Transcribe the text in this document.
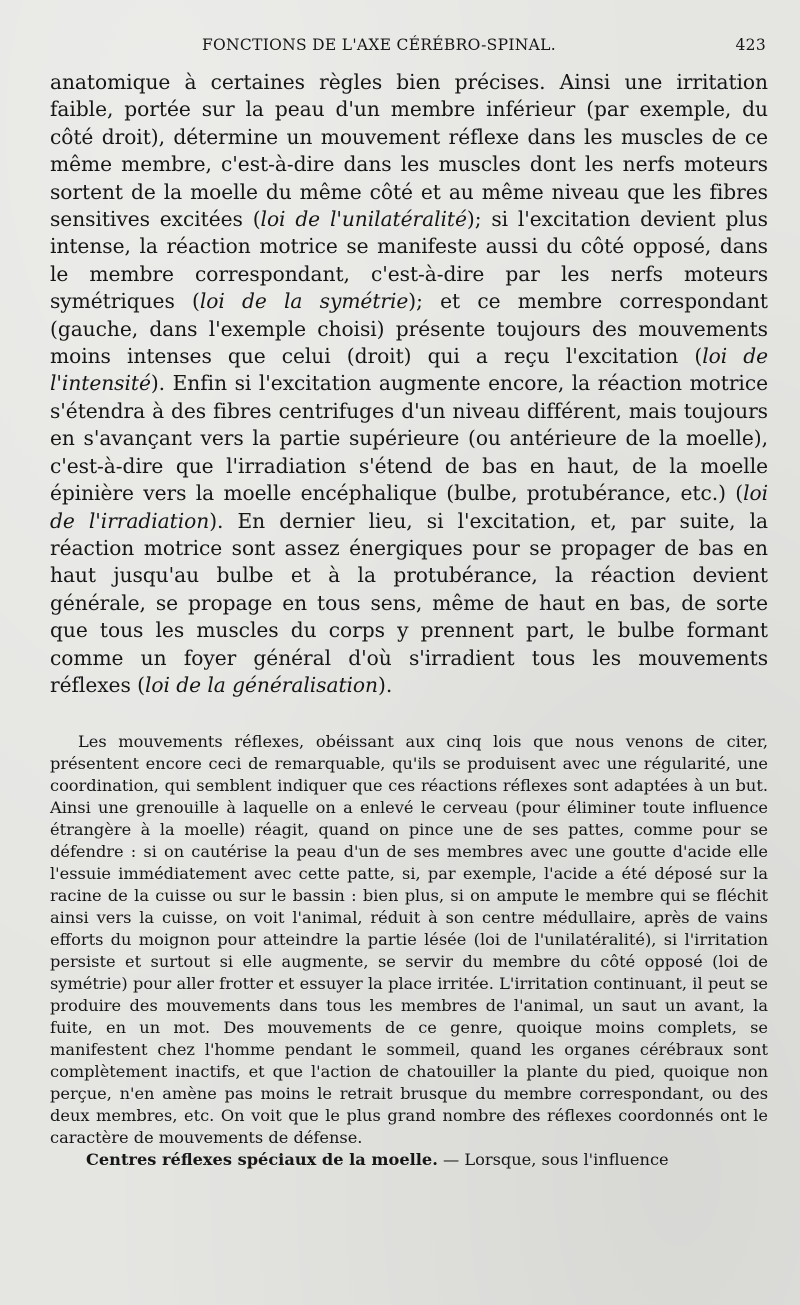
FONCTIONS DE L'AXE CÉRÉBRO-SPINAL.	423

anatomique à certaines règles bien précises. Ainsi une irritation faible, portée sur la peau d'un membre inférieur (par exemple, du côté droit), détermine un mouvement réflexe dans les muscles de ce même membre, c'est-à-dire dans les muscles dont les nerfs moteurs sortent de la moelle du même côté et au même niveau que les fibres sensitives excitées (loi de l'unilatéralité); si l'excitation devient plus intense, la réaction motrice se manifeste aussi du côté opposé, dans le membre correspondant, c'est-à-dire par les nerfs moteurs symétriques (loi de la symétrie); et ce membre correspondant (gauche, dans l'exemple choisi) présente toujours des mouvements moins intenses que celui (droit) qui a reçu l'excitation (loi de l'intensité). Enfin si l'excitation augmente encore, la réaction motrice s'étendra à des fibres centrifuges d'un niveau différent, mais toujours en s'avançant vers la partie supérieure (ou antérieure de la moelle), c'est-à-dire que l'irradiation s'étend de bas en haut, de la moelle épinière vers la moelle encéphalique (bulbe, protubérance, etc.) (loi de l'irradiation). En dernier lieu, si l'excitation, et, par suite, la réaction motrice sont assez énergiques pour se propager de bas en haut jusqu'au bulbe et à la protubérance, la réaction devient générale, se propage en tous sens, même de haut en bas, de sorte que tous les muscles du corps y prennent part, le bulbe formant comme un foyer général d'où s'irradient tous les mouvements réflexes (loi de la généralisation).

Les mouvements réflexes, obéissant aux cinq lois que nous venons de citer, présentent encore ceci de remarquable, qu'ils se produisent avec une régularité, une coordination, qui semblent indiquer que ces réactions réflexes sont adaptées à un but. Ainsi une grenouille à laquelle on a enlevé le cerveau (pour éliminer toute influence étrangère à la moelle) réagit, quand on pince une de ses pattes, comme pour se défendre : si on cautérise la peau d'un de ses membres avec une goutte d'acide elle l'essuie immédiatement avec cette patte, si, par exemple, l'acide a été déposé sur la racine de la cuisse ou sur le bassin : bien plus, si on ampute le membre qui se fléchit ainsi vers la cuisse, on voit l'animal, réduit à son centre médullaire, après de vains efforts du moignon pour atteindre la partie lésée (loi de l'unilatéralité), si l'irritation persiste et surtout si elle augmente, se servir du membre du côté opposé (loi de symétrie) pour aller frotter et essuyer la place irritée. L'irritation continuant, il peut se produire des mouvements dans tous les membres de l'animal, un saut un avant, la fuite, en un mot. Des mouvements de ce genre, quoique moins complets, se manifestent chez l'homme pendant le sommeil, quand les organes cérébraux sont complètement inactifs, et que l'action de chatouiller la plante du pied, quoique non perçue, n'en amène pas moins le retrait brusque du membre correspondant, ou des deux membres, etc. On voit que le plus grand nombre des réflexes coordonnés ont le caractère de mouvements de défense.

Centres réflexes spéciaux de la moelle. — Lorsque, sous l'influence
